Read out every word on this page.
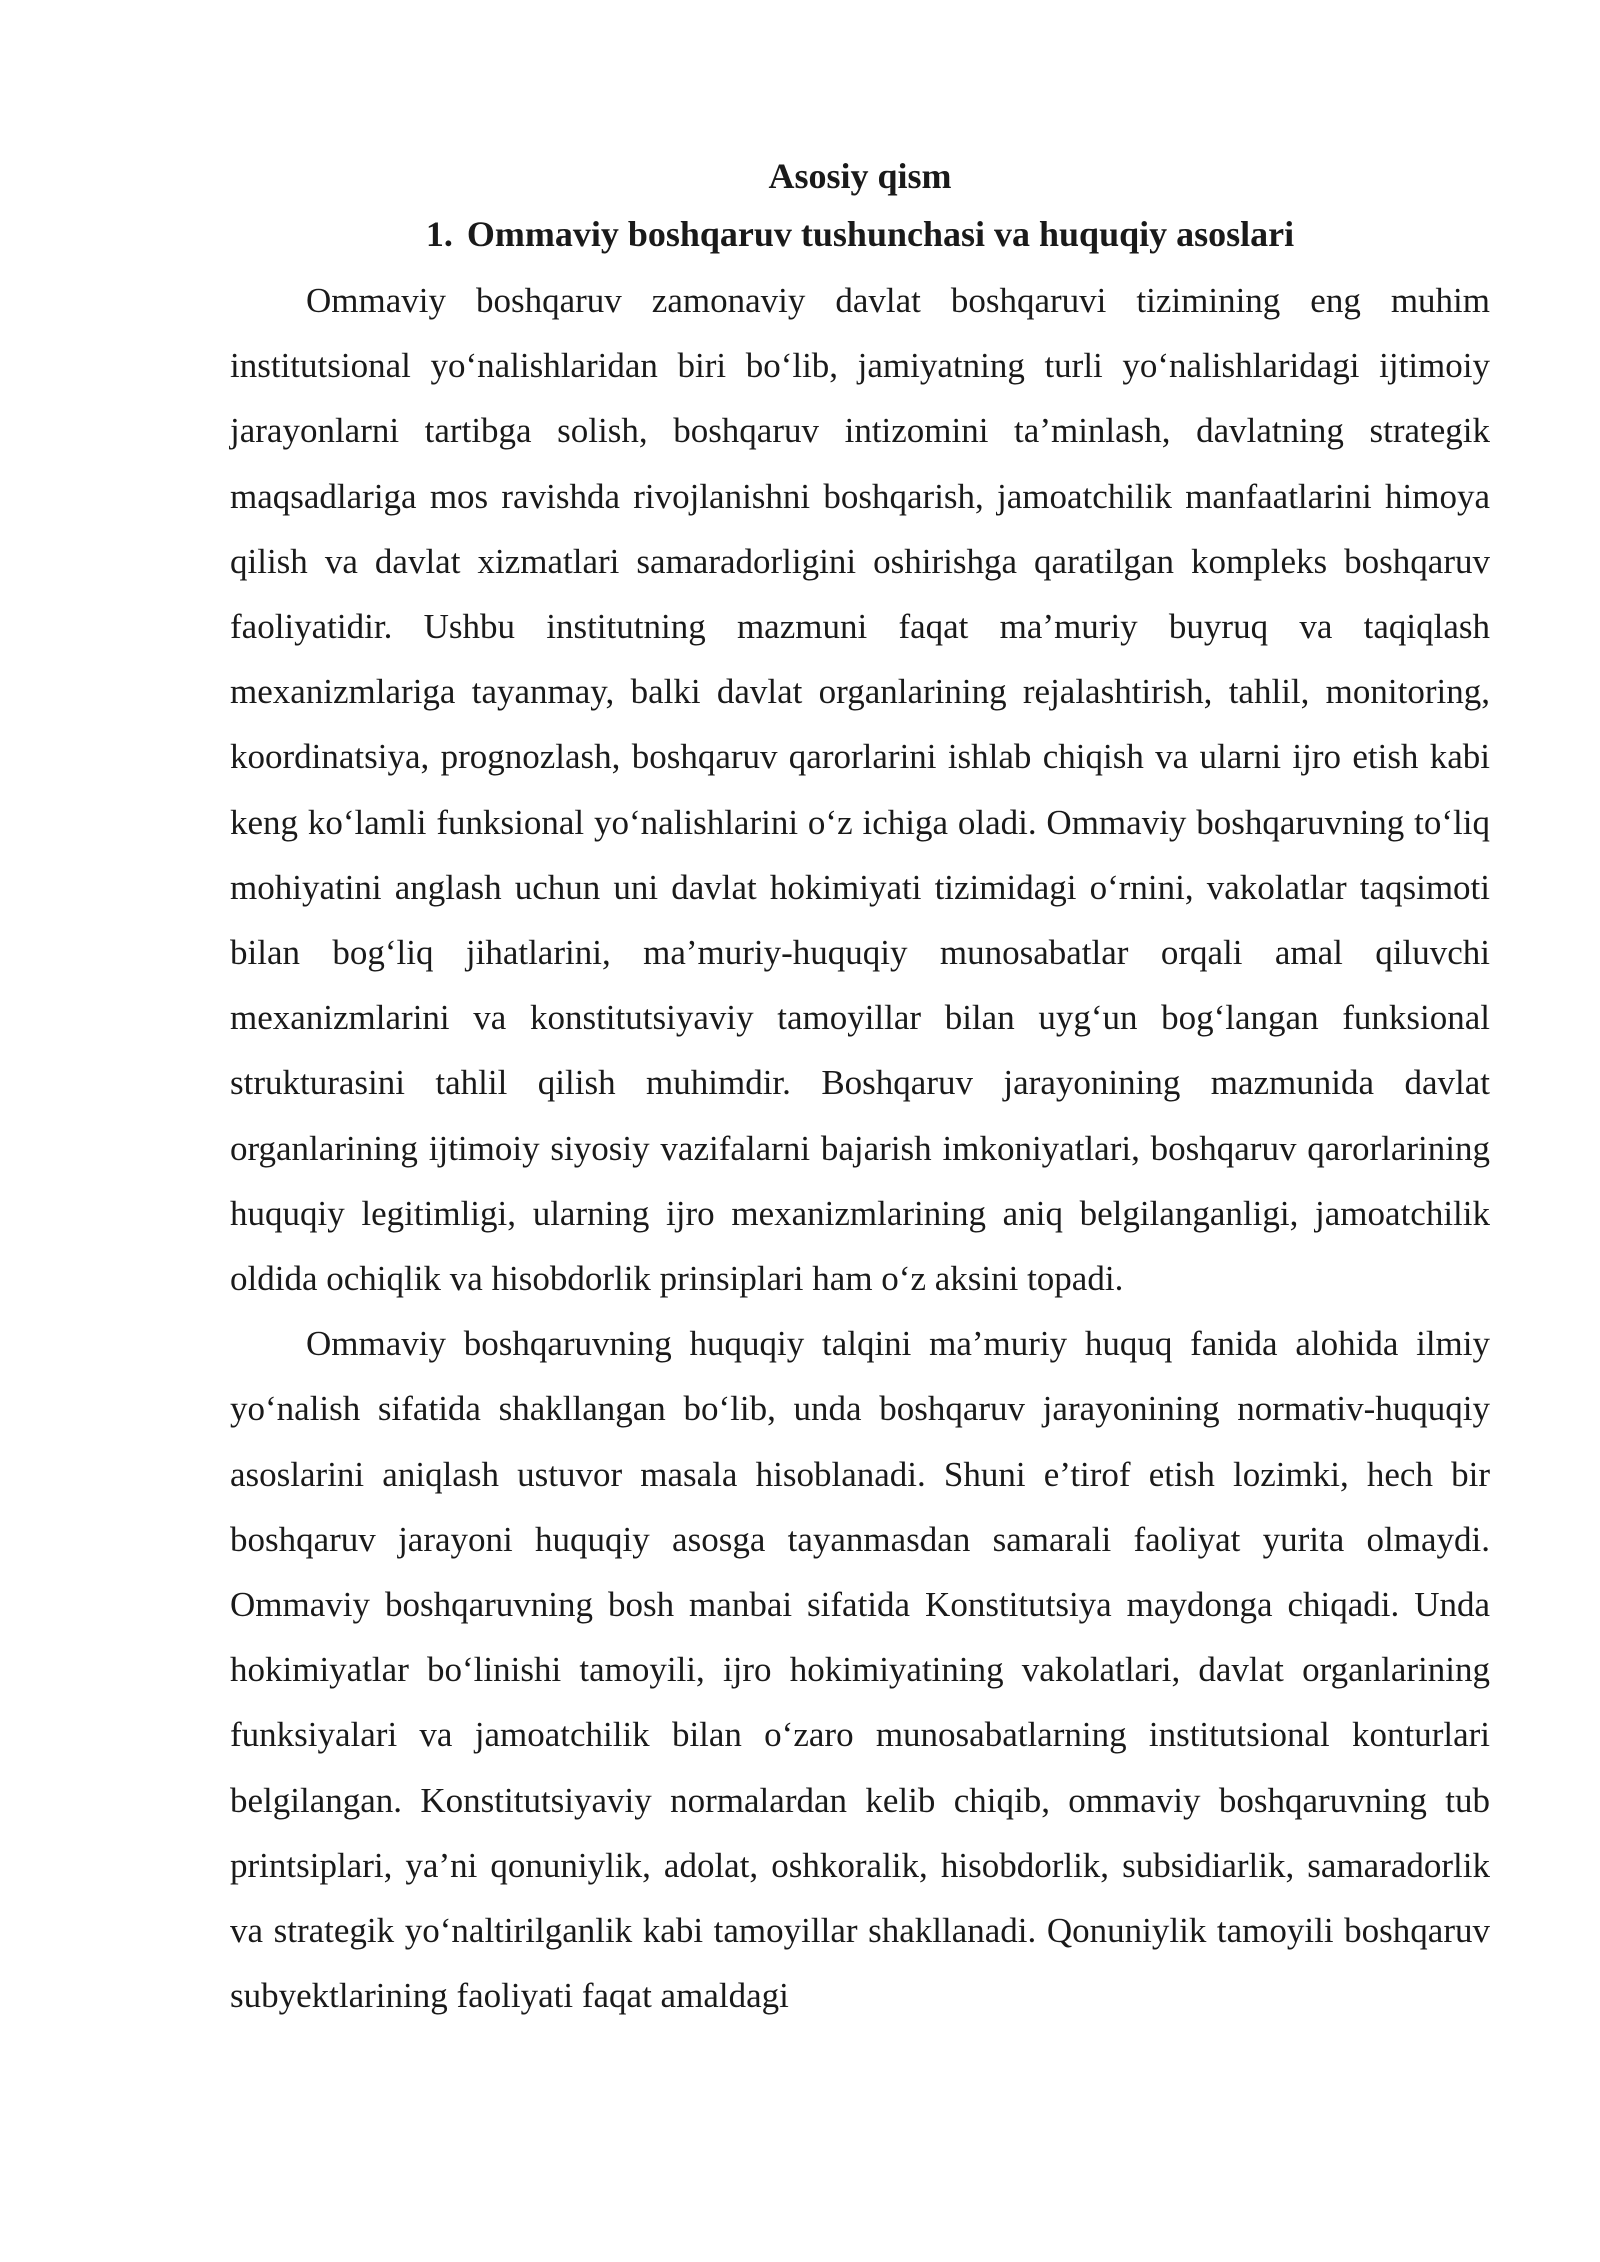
Asosiy qism
1. Ommaviy boshqaruv tushunchasi va huquqiy asoslari

Ommaviy boshqaruv zamonaviy davlat boshqaruvi tizimining eng muhim institutsional yo‘nalishlaridan biri bo‘lib, jamiyatning turli yo‘nalishlaridagi ijtimoiy jarayonlarni tartibga solish, boshqaruv intizomini ta’minlash, davlatning strategik maqsadlariga mos ravishda rivojlanishni boshqarish, jamoatchilik manfaatlarini himoya qilish va davlat xizmatlari samaradorligini oshirishga qaratilgan kompleks boshqaruv faoliyatidir. Ushbu institutning mazmuni faqat ma’muriy buyruq va taqiqlash mexanizmlariga tayanmay, balki davlat organlarining rejalashtirish, tahlil, monitoring, koordinatsiya, prognozlash, boshqaruv qarorlarini ishlab chiqish va ularni ijro etish kabi keng ko‘lamli funksional yo‘nalishlarini o‘z ichiga oladi. Ommaviy boshqaruvning to‘liq mohiyatini anglash uchun uni davlat hokimiyati tizimidagi o‘rnini, vakolatlar taqsimoti bilan bog‘liq jihatlarini, ma’muriy-huquqiy munosabatlar orqali amal qiluvchi mexanizmlarini va konstitutsiyaviy tamoyillar bilan uyg‘un bog‘langan funksional strukturasini tahlil qilish muhimdir. Boshqaruv jarayonining mazmunida davlat organlarining ijtimoiy siyosiy vazifalarni bajarish imkoniyatlari, boshqaruv qarorlarining huquqiy legitimligi, ularning ijro mexanizmlarining aniq belgilanganligi, jamoatchilik oldida ochiqlik va hisobdorlik prinsiplari ham o‘z aksini topadi.

Ommaviy boshqaruvning huquqiy talqini ma’muriy huquq fanida alohida ilmiy yo‘nalish sifatida shakllangan bo‘lib, unda boshqaruv jarayonining normativ-huquqiy asoslarini aniqlash ustuvor masala hisoblanadi. Shuni e’tirof etish lozimki, hech bir boshqaruv jarayoni huquqiy asosga tayanmasdan samarali faoliyat yurita olmaydi. Ommaviy boshqaruvning bosh manbai sifatida Konstitutsiya maydonga chiqadi. Unda hokimiyatlar bo‘linishi tamoyili, ijro hokimiyatining vakolatlari, davlat organlarining funksiyalari va jamoatchilik bilan o‘zaro munosabatlarning institutsional konturlari belgilangan. Konstitutsiyaviy normalardan kelib chiqib, ommaviy boshqaruvning tub printsiplari, ya’ni qonuniylik, adolat, oshkoralik, hisobdorlik, subsidiarlik, samaradorlik va strategik yo‘naltirilganlik kabi tamoyillar shakllanadi. Qonuniylik tamoyili boshqaruv subyektlarining faoliyati faqat amaldagi
